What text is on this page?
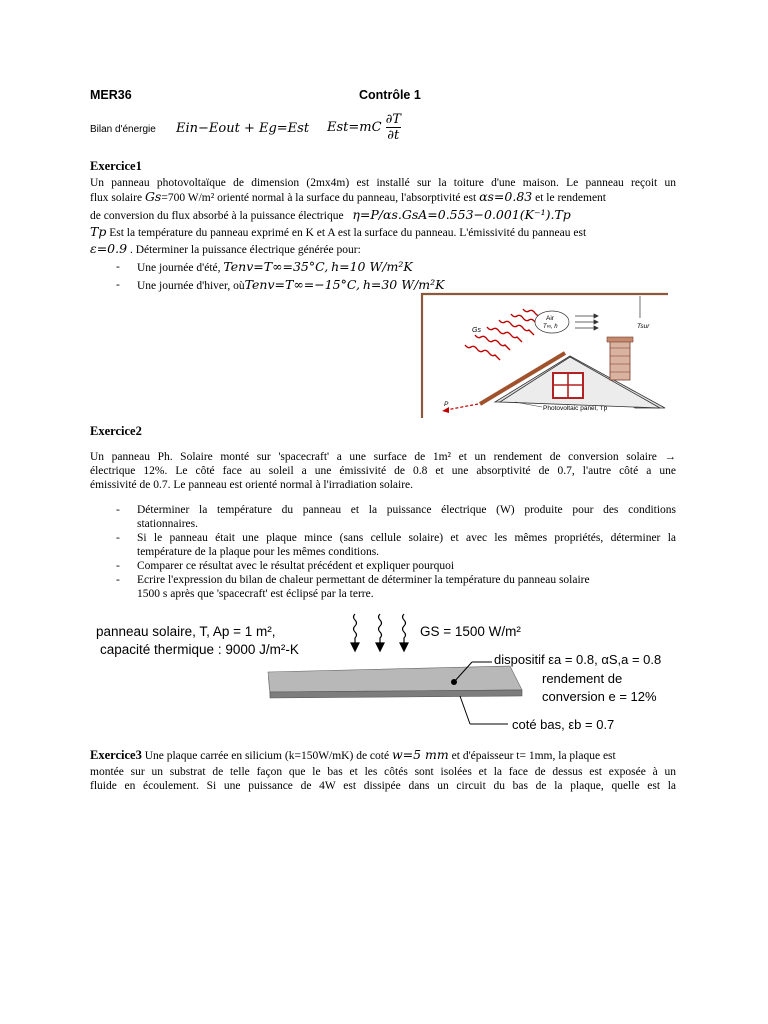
MER36	Contrôle 1
Bilan d'énergie Ein−Eout + Eg=Est $Est=mC \frac{\partial T}{\partial t}$
Exercice1
Un panneau photovoltaïque de dimension (2mx4m) est installé sur la toiture d'une maison. Le panneau reçoit un
flux solaire Gs=700 W/m² orienté normal à la surface du panneau, l'absorptivité est αs=0.83 et le rendement
de conversion du flux absorbé à la puissance électrique η=P/αs.GsA=0.553−0.001(K⁻¹).Tp
Tp Est la température du panneau exprimé en K et A est la surface du panneau. L'émissivité du panneau est
ε=0.9 . Déterminer la puissance électrique générée pour:
- Une journée d'été, Tenv=T∞=35°C, h=10 W/m²K
- Une journée d'hiver, oùTenv=T∞=−15°C, h=30 W/m²K
Air
T∞, h	Tsur
Gs
Photovoltaic panel, Tp
P
Exercice2
Un panneau Ph. Solaire monté sur 'spacecraft' a une surface de 1m² et un rendement de conversion solaire →
électrique 12%. Le côté face au soleil a une émissivité de 0.8 et une absorptivité de 0.7, l'autre côté a une
émissivité de 0.7. Le panneau est orienté normal à l'irradiation solaire.
- Déterminer la température du panneau et la puissance électrique (W) produite pour des conditions
stationnaires.
- Si le panneau était une plaque mince (sans cellule solaire) et avec les mêmes propriétés, déterminer la
température de la plaque pour les mêmes conditions.
- Comparer ce résultat avec le résultat précédent et expliquer pourquoi
- Ecrire l'expression du bilan de chaleur permettant de déterminer la température du panneau solaire
1500 s après que 'spacecraft' est éclipsé par la terre.
panneau solaire, T, Ap = 1 m²,
capacité thermique : 9000 J/m²-K
GS = 1500 W/m²
dispositif εa = 0.8, αS,a = 0.8
rendement de
conversion e = 12%
coté bas, εb = 0.7
Exercice3 Une plaque carrée en silicium (k=150W/mK) de coté w=5 mm et d'épaisseur t= 1mm, la plaque est
montée sur un substrat de telle façon que le bas et les côtés sont isolées et la face de dessus est exposée à un
fluide en écoulement. Si une puissance de 4W est dissipée dans un circuit du bas de la plaque, quelle est la
